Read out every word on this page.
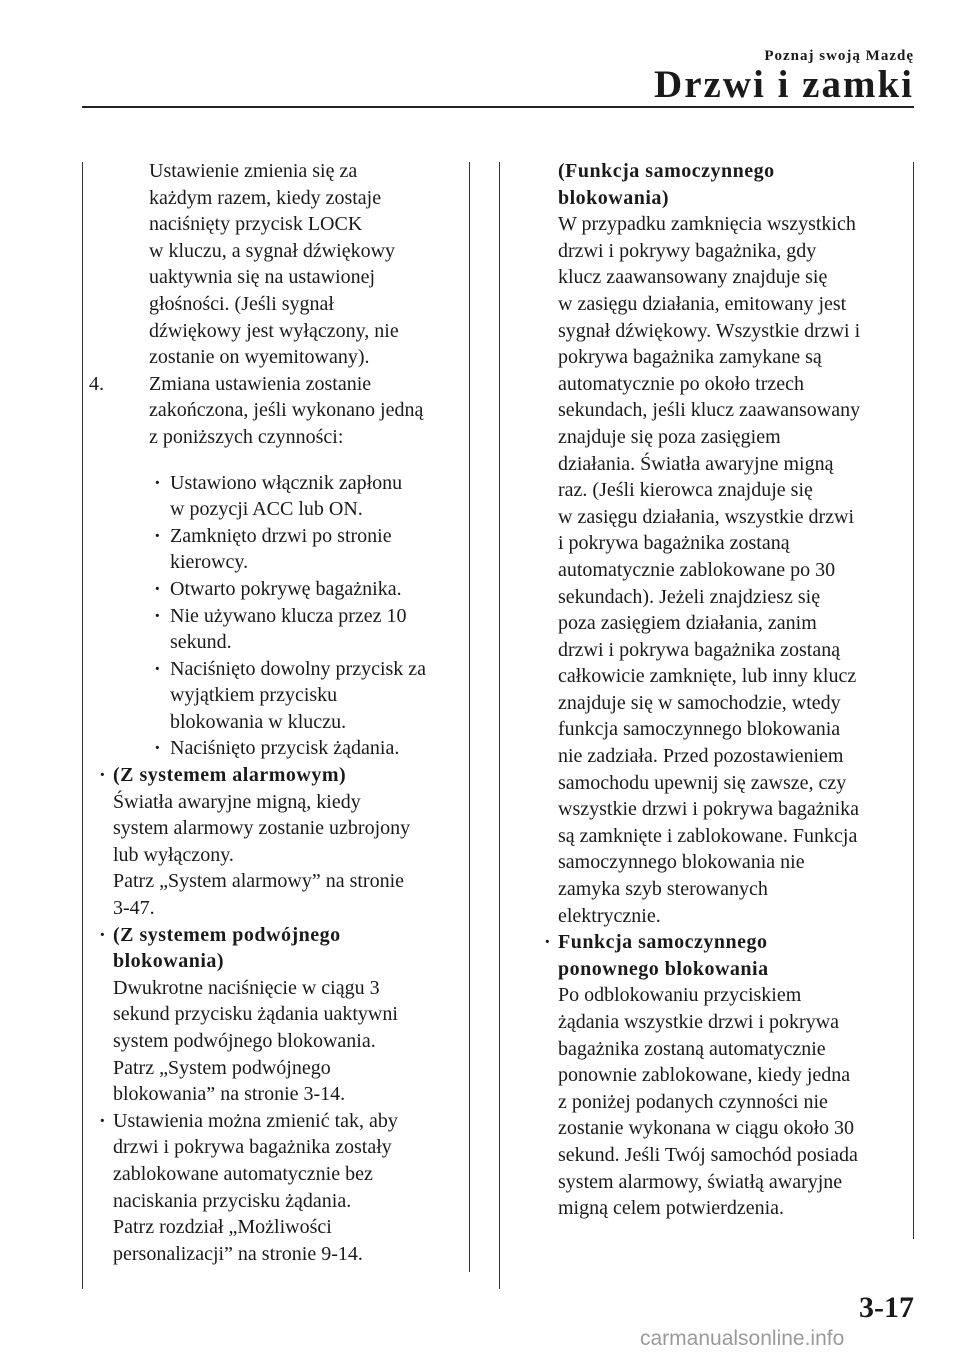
Poznaj swoją Mazdę
Drzwi i zamki
Ustawienie zmienia się za
każdym razem, kiedy zostaje
naciśnięty przycisk LOCK
w kluczu, a sygnał dźwiękowy
uaktywnia się na ustawionej
głośności. (Jeśli sygnał
dźwiękowy jest wyłączony, nie
zostanie on wyemitowany).
4. Zmiana ustawienia zostanie
zakończona, jeśli wykonano jedną
z poniższych czynności:
· Ustawiono włącznik zapłonu
w pozycji ACC lub ON.
· Zamknięto drzwi po stronie
kierowcy.
· Otwarto pokrywę bagażnika.
· Nie używano klucza przez 10
sekund.
· Naciśnięto dowolny przycisk za
wyjątkiem przycisku
blokowania w kluczu.
· Naciśnięto przycisk żądania.
· (Z systemem alarmowym)
Światła awaryjne migną, kiedy
system alarmowy zostanie uzbrojony
lub wyłączony.
Patrz „System alarmowy” na stronie
3-47.
· (Z systemem podwójnego
blokowania)
Dwukrotne naciśnięcie w ciągu 3
sekund przycisku żądania uaktywni
system podwójnego blokowania.
Patrz „System podwójnego
blokowania” na stronie 3-14.
· Ustawienia można zmienić tak, aby
drzwi i pokrywa bagażnika zostały
zablokowane automatycznie bez
naciskania przycisku żądania.
Patrz rozdział „Możliwości
personalizacji” na stronie 9-14.
(Funkcja samoczynnego
blokowania)
W przypadku zamknięcia wszystkich
drzwi i pokrywy bagażnika, gdy
klucz zaawansowany znajduje się
w zasięgu działania, emitowany jest
sygnał dźwiękowy. Wszystkie drzwi i
pokrywa bagażnika zamykane są
automatycznie po około trzech
sekundach, jeśli klucz zaawansowany
znajduje się poza zasięgiem
działania. Światła awaryjne migną
raz. (Jeśli kierowca znajduje się
w zasięgu działania, wszystkie drzwi
i pokrywa bagażnika zostaną
automatycznie zablokowane po 30
sekundach). Jeżeli znajdziesz się
poza zasięgiem działania, zanim
drzwi i pokrywa bagażnika zostaną
całkowicie zamknięte, lub inny klucz
znajduje się w samochodzie, wtedy
funkcja samoczynnego blokowania
nie zadziała. Przed pozostawieniem
samochodu upewnij się zawsze, czy
wszystkie drzwi i pokrywa bagażnika
są zamknięte i zablokowane. Funkcja
samoczynnego blokowania nie
zamyka szyb sterowanych
elektrycznie.
· Funkcja samoczynnego
ponownego blokowania
Po odblokowaniu przyciskiem
żądania wszystkie drzwi i pokrywa
bagażnika zostaną automatycznie
ponownie zablokowane, kiedy jedna
z poniżej podanych czynności nie
zostanie wykonana w ciągu około 30
sekund. Jeśli Twój samochód posiada
system alarmowy, światłą awaryjne
migną celem potwierdzenia.
3-17
carmanualsonline.info
